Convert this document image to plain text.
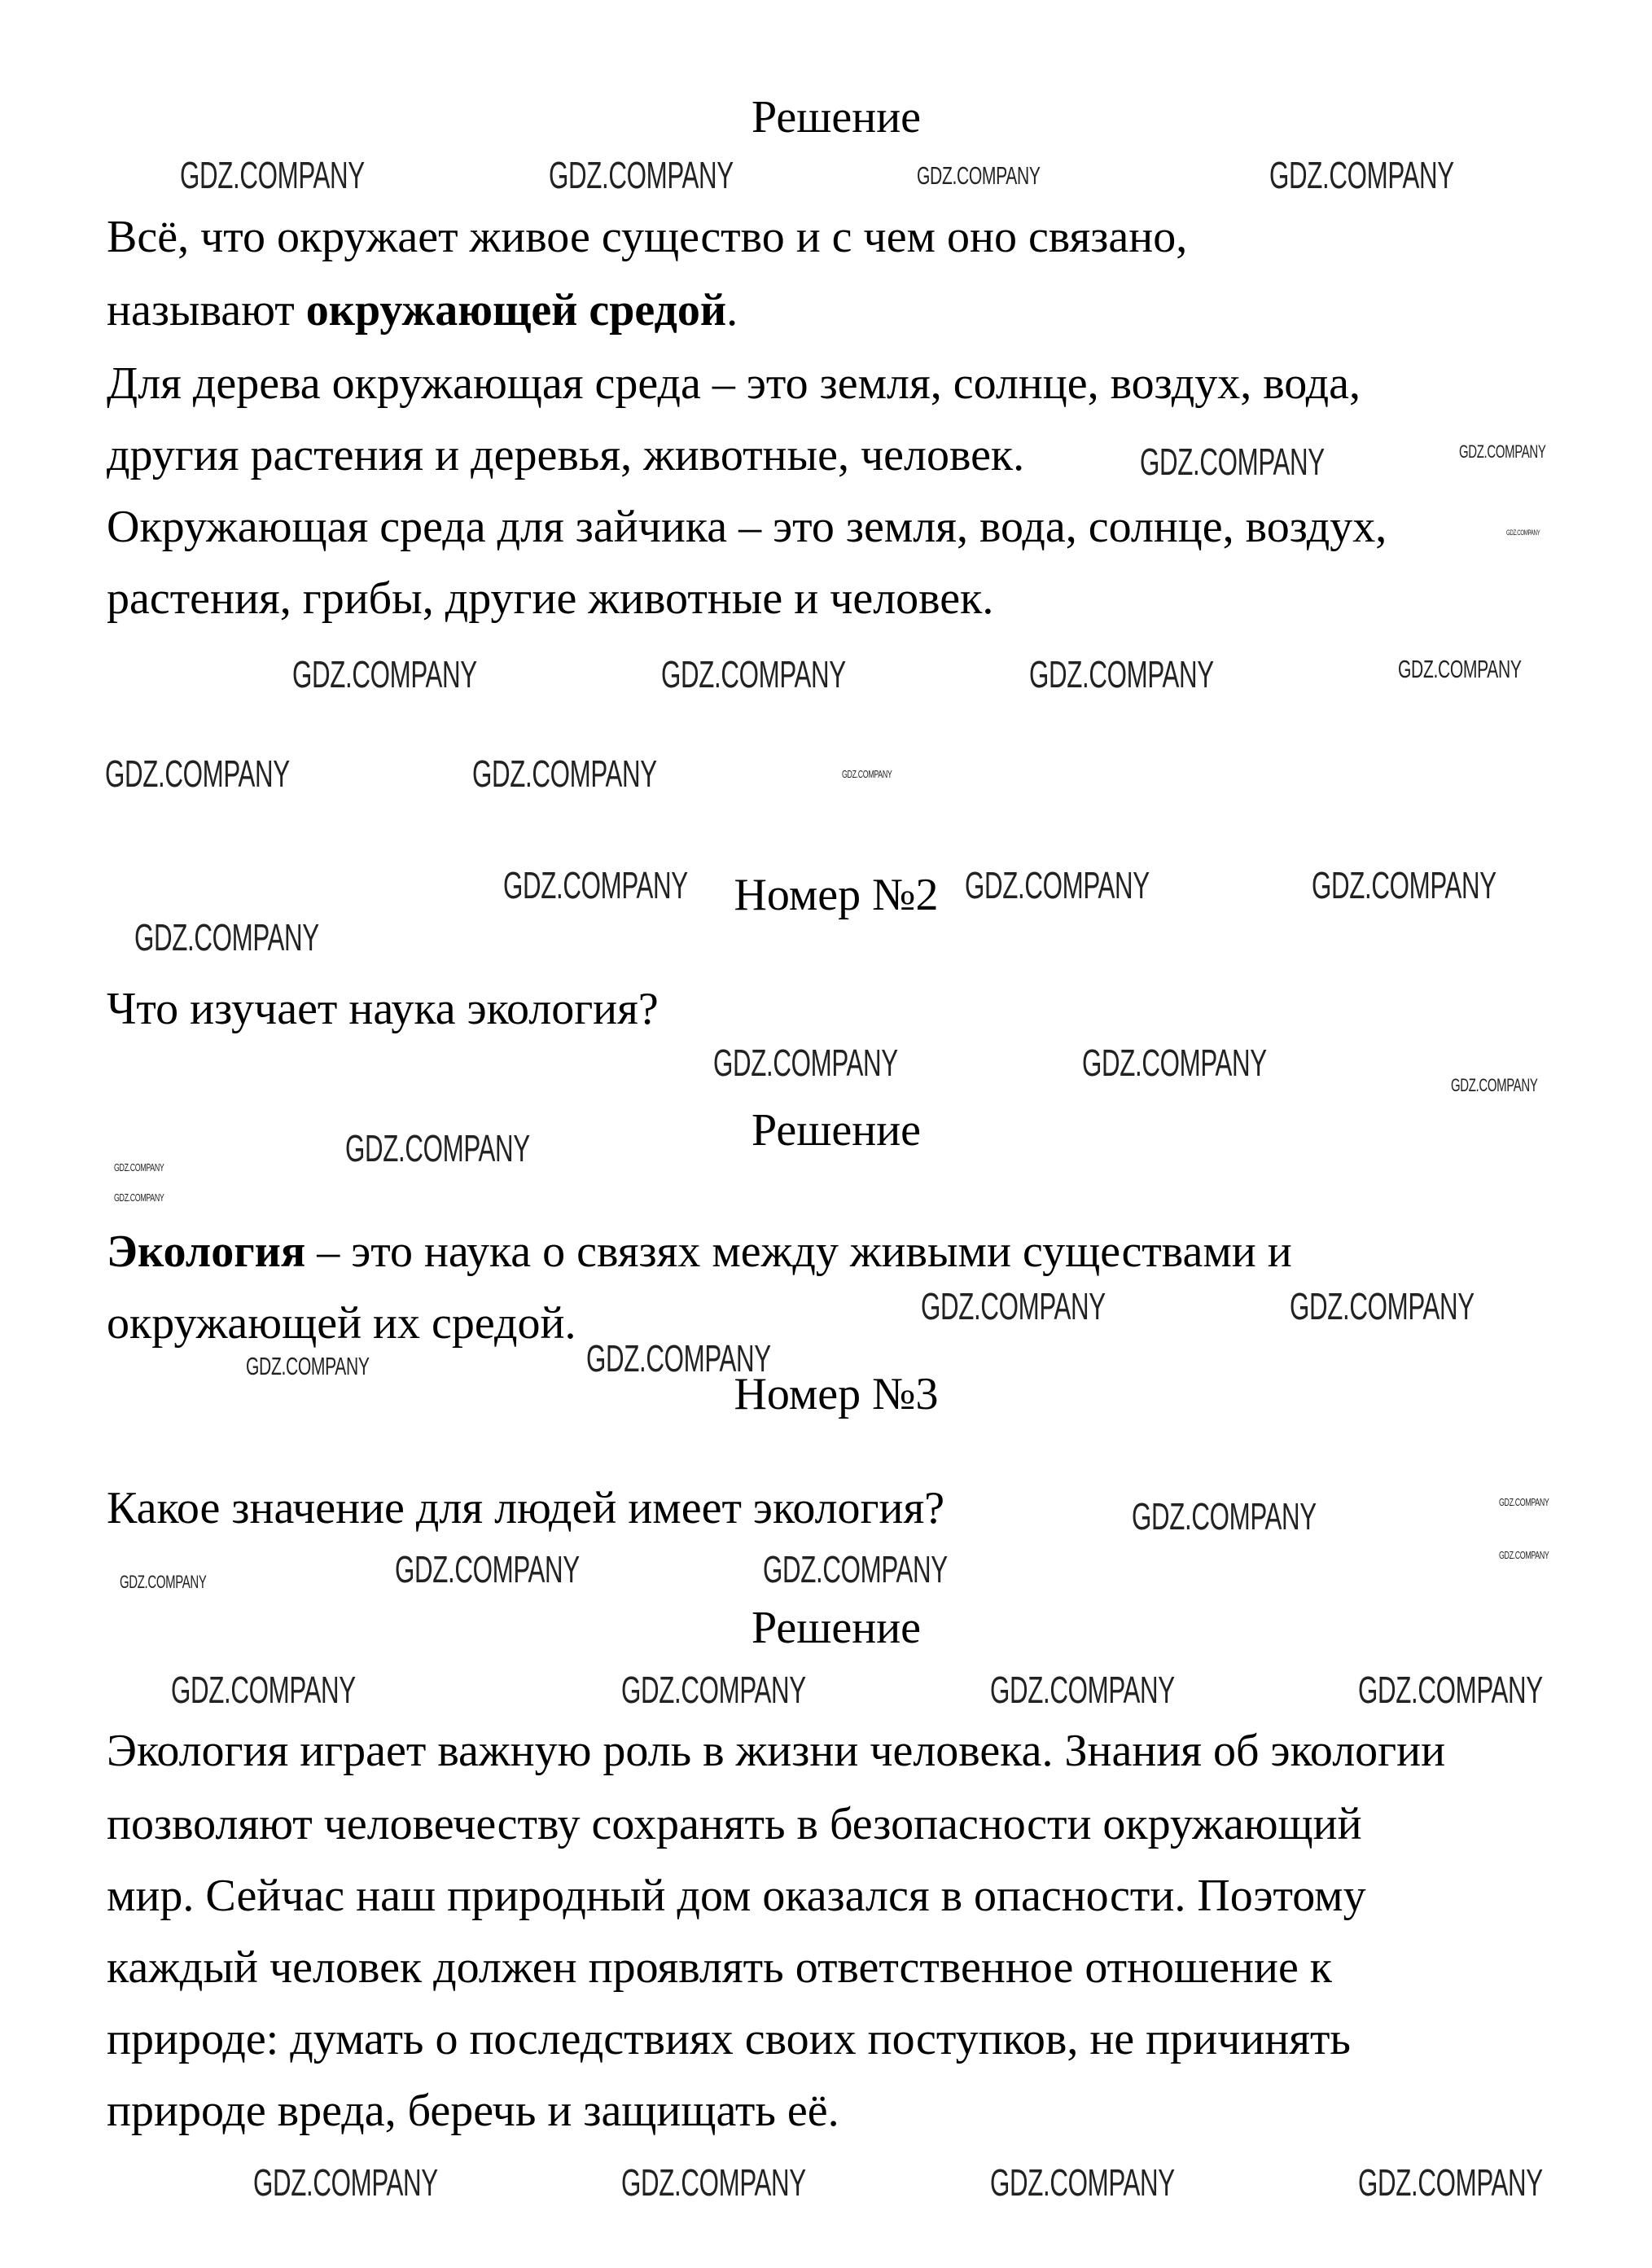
Решение
Всё, что окружает живое существо и с чем оно связано,
называют окружающей средой.
Для дерева окружающая среда – это земля, солнце, воздух, вода,
другия растения и деревья, животные, человек.
Окружающая среда для зайчика – это земля, вода, солнце, воздух,
растения, грибы, другие животные и человек.
Номер №2
Что изучает наука экология?
Решение
Экология – это наука о связях между живыми существами и
окружающей их средой.
Номер №3
Какое значение для людей имеет экология?
Решение
Экология играет важную роль в жизни человека. Знания об экологии
позволяют человечеству сохранять в безопасности окружающий
мир. Сейчас наш природный дом оказался в опасности. Поэтому
каждый человек должен проявлять ответственное отношение к
природе: думать о последствиях своих поступков, не причинять
природе вреда, беречь и защищать её.
GDZ.COMPANY	GDZ.COMPANY	GDZ.COMPANY	GDZ.COMPANY
GDZ.COMPANY	GDZ.COMPANY	GDZ.COMPANY
GDZ.COMPANY	GDZ.COMPANY
GDZ.COMPANY
GDZ.COMPANY	GDZ.COMPANY	GDZ.COMPANY	GDZ.COMPANY
GDZ.COMPANY	GDZ.COMPANY	GDZ.COMPANY
GDZ.COMPANY
GDZ.COMPANY	GDZ.COMPANY
GDZ.COMPANY
GDZ.COMPANY	GDZ.COMPANY
GDZ.COMPANY
GDZ.COMPANY	GDZ.COMPANY
GDZ.COMPANY	GDZ.COMPANY
GDZ.COMPANY	GDZ.COMPANY
GDZ.COMPANY
GDZ.COMPANY	GDZ.COMPANY	GDZ.COMPANY
GDZ.COMPANY	GDZ.COMPANY	GDZ.COMPANY	GDZ.COMPANY
GDZ.COMPANY	GDZ.COMPANY	GDZ.COMPANY	GDZ.COMPANY
